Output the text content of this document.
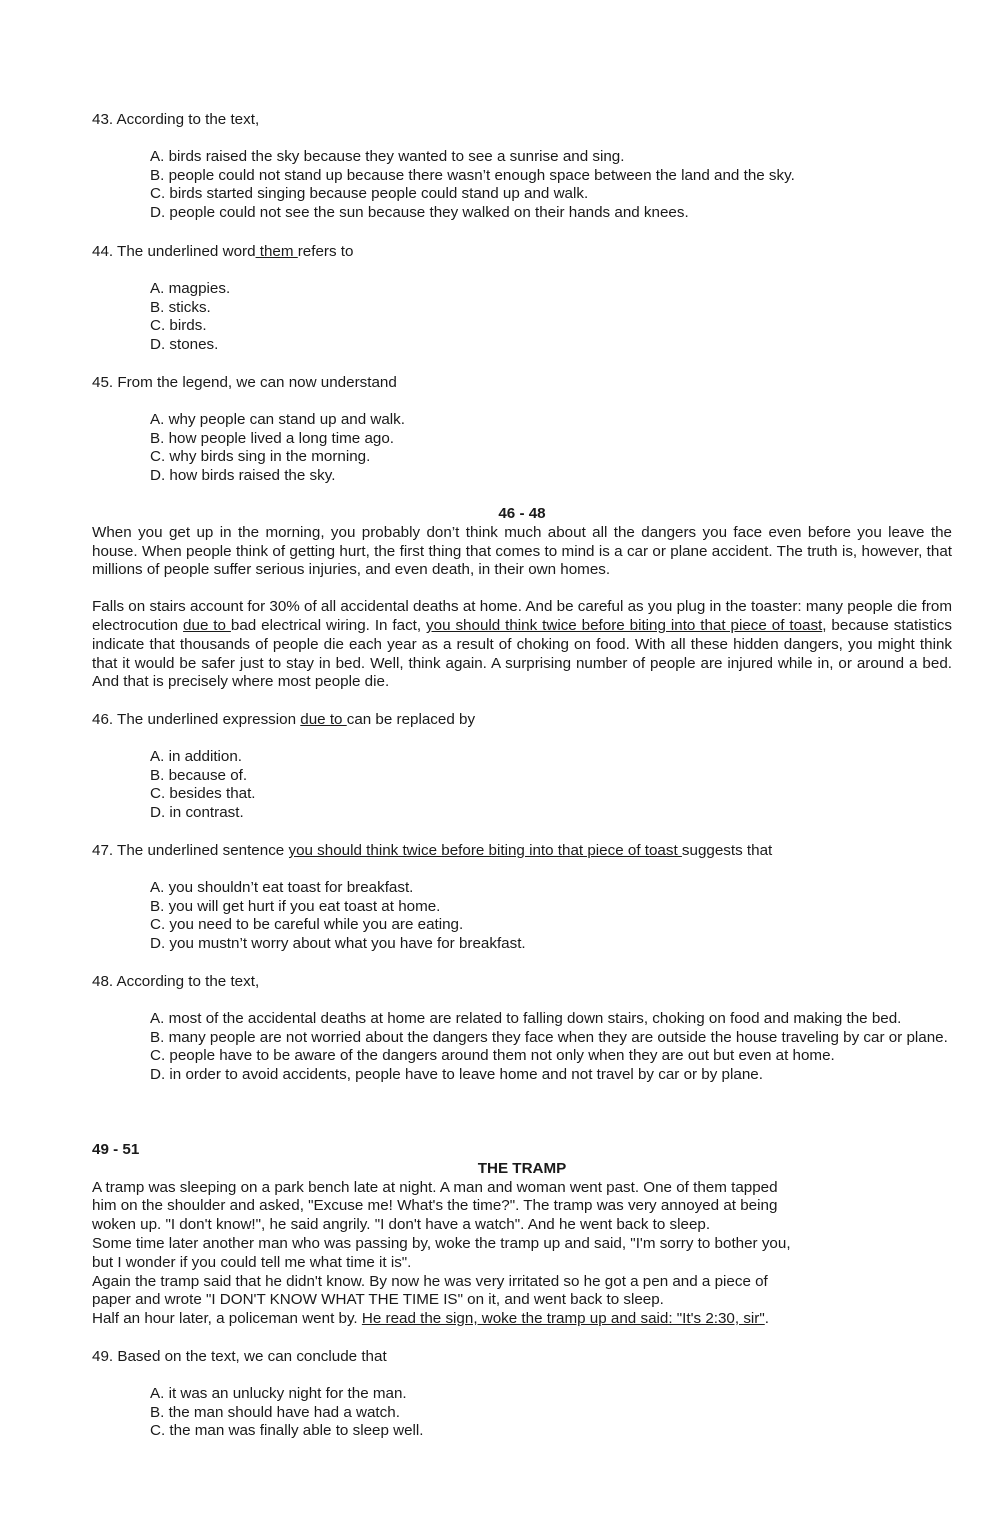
43. According to the text,

A. birds raised the sky because they wanted to see a sunrise and sing.
B. people could not stand up because there wasn’t enough space between the land and the sky.
C. birds started singing because people could stand up and walk.
D. people could not see the sun because they walked on their hands and knees.

44. The underlined word them refers to

A. magpies.
B. sticks.
C. birds.
D. stones.

45. From the legend, we can now understand

A. why people can stand up and walk.
B. how people lived a long time ago.
C. why birds sing in the morning.
D. how birds raised the sky.
46 - 48

When you get up in the morning, you probably don’t think much about all the dangers you face even before you leave the house. When people think of getting hurt, the first thing that comes to mind is a car or plane accident. The truth is, however, that millions of people suffer serious injuries, and even death, in their own homes.

Falls on stairs account for 30% of all accidental deaths at home. And be careful as you plug in the toaster: many people die from electrocution due to bad electrical wiring. In fact, you should think twice before biting into that piece of toast, because statistics indicate that thousands of people die each year as a result of choking on food. With all these hidden dangers, you might think that it would be safer just to stay in bed. Well, think again. A surprising number of people are injured while in, or around a bed. And that is precisely where most people die.

46. The underlined expression due to can be replaced by

A. in addition.
B. because of.
C. besides that.
D. in contrast.

47. The underlined sentence you should think twice before biting into that piece of toast suggests that

A. you shouldn’t eat toast for breakfast.
B. you will get hurt if you eat toast at home.
C. you need to be careful while you are eating.
D. you mustn’t worry about what you have for breakfast.

48. According to the text,

A. most of the accidental deaths at home are related to falling down stairs, choking on food and making the bed.
B. many people are not worried about the dangers they face when they are outside the house traveling by car or plane.
C. people have to be aware of the dangers around them not only when they are out but even at home.
D. in order to avoid accidents, people have to leave home and not travel by car or by plane.
49 - 51
THE TRAMP
A tramp was sleeping on a park bench late at night. A man and woman went past. One of them tapped
him on the shoulder and asked, "Excuse me! What's the time?". The tramp was very annoyed at being
woken up. "I don't know!", he said angrily. "I don't have a watch". And he went back to sleep.
Some time later another man who was passing by, woke the tramp up and said, "I'm sorry to bother you,
but I wonder if you could tell me what time it is".
Again the tramp said that he didn't know. By now he was very irritated so he got a pen and a piece of
paper and wrote "I DON'T KNOW WHAT THE TIME IS" on it, and went back to sleep.
Half an hour later, a policeman went by. He read the sign, woke the tramp up and said: "It's 2:30, sir".

49. Based on the text, we can conclude that

A. it was an unlucky night for the man.
B. the man should have had a watch.
C. the man was finally able to sleep well.
